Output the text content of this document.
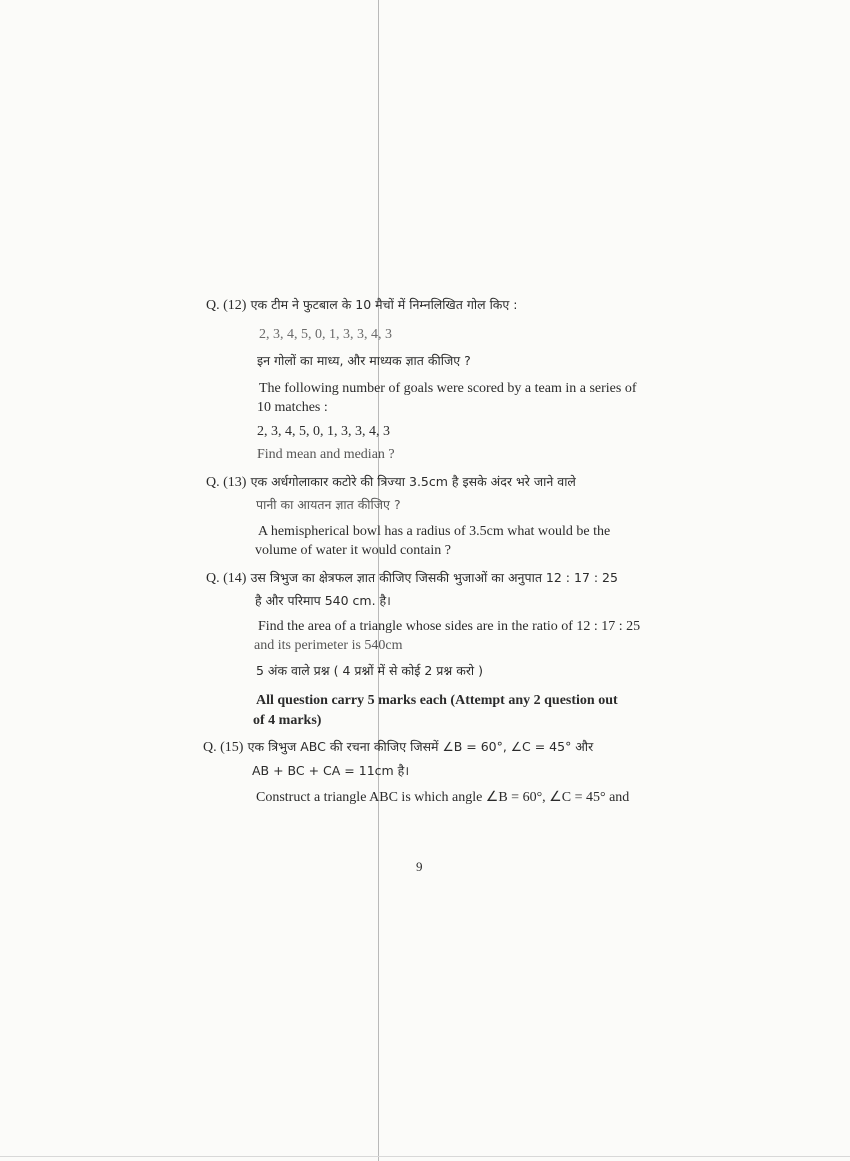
Q. (12) एक टीम ने फुटबाल के 10 मैचों में निम्नलिखित गोल किए :
2, 3, 4, 5, 0, 1, 3, 3, 4, 3
इन गोलों का माध्य, और माध्यक ज्ञात कीजिए ?
The following number of goals were scored by a team in a series of
10 matches :
2, 3, 4, 5, 0, 1, 3, 3, 4, 3
Find mean and median ?
Q. (13) एक अर्धगोलाकार कटोरे की त्रिज्या 3.5cm है इसके अंदर भरे जाने वाले
पानी का आयतन ज्ञात कीजिए ?
A hemispherical bowl has a radius of 3.5cm what would be the
volume of water it would contain ?
Q. (14) उस त्रिभुज का क्षेत्रफल ज्ञात कीजिए जिसकी भुजाओं का अनुपात 12 : 17 : 25
है और परिमाप 540 cm. है।
Find the area of a triangle whose sides are in the ratio of 12 : 17 : 25
and its perimeter is 540cm
5 अंक वाले प्रश्न ( 4 प्रश्नों में से कोई 2 प्रश्न करो )
All question carry 5 marks each (Attempt any 2 question out
of 4 marks)
Q. (15) एक त्रिभुज ABC की रचना कीजिए जिसमें ∠B = 60°, ∠C = 45° और
AB + BC + CA = 11cm है।
Construct a triangle ABC is which angle ∠B = 60°, ∠C = 45° and
9
